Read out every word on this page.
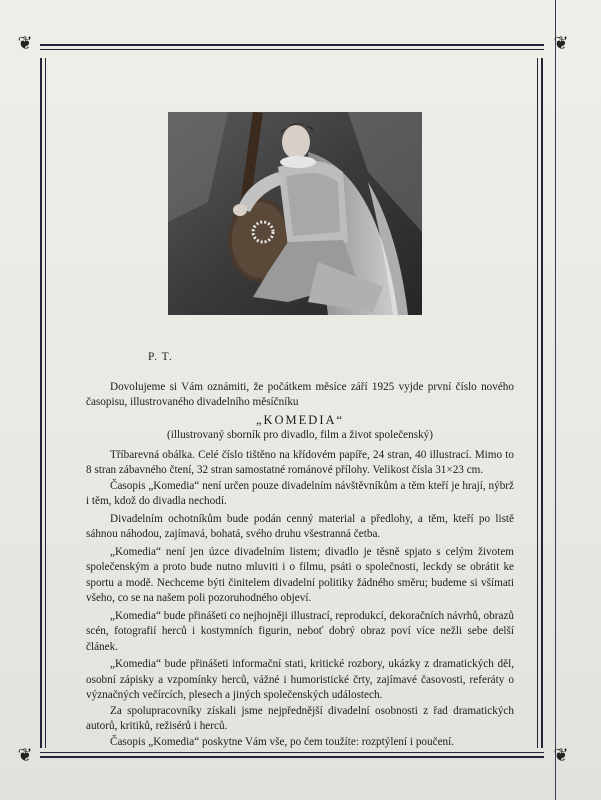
❦	❦
❦	❦

P. T.

Dovolujeme si Vám oznámiti, že počátkem měsíce září 1925 vyjde první číslo nového časopisu, illustrovaného divadelního měsíčníku

„KOMEDIA“

(illustrovaný sborník pro divadlo, film a život společenský)

Tříbarevná obálka. Celé číslo tištěno na křídovém papíře, 24 stran, 40 illustrací. Mimo to 8 stran zábavného čtení, 32 stran samostatné románové přílohy. Velikost čísla 31×23 cm.

Časopis „Komedia“ není určen pouze divadelním návštěvníkům a těm kteří je hrají, nýbrž i těm, kdož do divadla nechodí.

Divadelním ochotníkům bude podán cenný material a předlohy, a těm, kteří po listě sáhnou náhodou, zajímavá, bohatá, svého druhu všestranná četba.

„Komedia“ není jen úzce divadelním listem; divadlo je těsně spjato s celým životem společenským a proto bude nutno mluviti i o filmu, psáti o společnosti, leckdy se obrátit ke sportu a modě. Nechceme býti činitelem divadelní politiky žádného směru; budeme si všímati všeho, co se na našem poli pozoruhodného objeví.

„Komedia“ bude přinášeti co nejhojněji illustrací, reprodukcí, dekoračních návrhů, obrazů scén, fotografií herců i kostymních figurin, neboť dobrý obraz poví více nežli sebe delší článek.

„Komedia“ bude přinášeti informační stati, kritické rozbory, ukázky z dramatických děl, osobní zápisky a vzpomínky herců, vážné i humoristické črty, zajímavé časovosti, referáty o význačných večírcích, plesech a jiných společenských událostech.

Za spolupracovníky získali jsme nejpřednější divadelní osobnosti z řad dramatických autorů, kritiků, režisérů i herců.

Časopis „Komedia“ poskytne Vám vše, po čem toužíte: rozptýlení i poučení.
